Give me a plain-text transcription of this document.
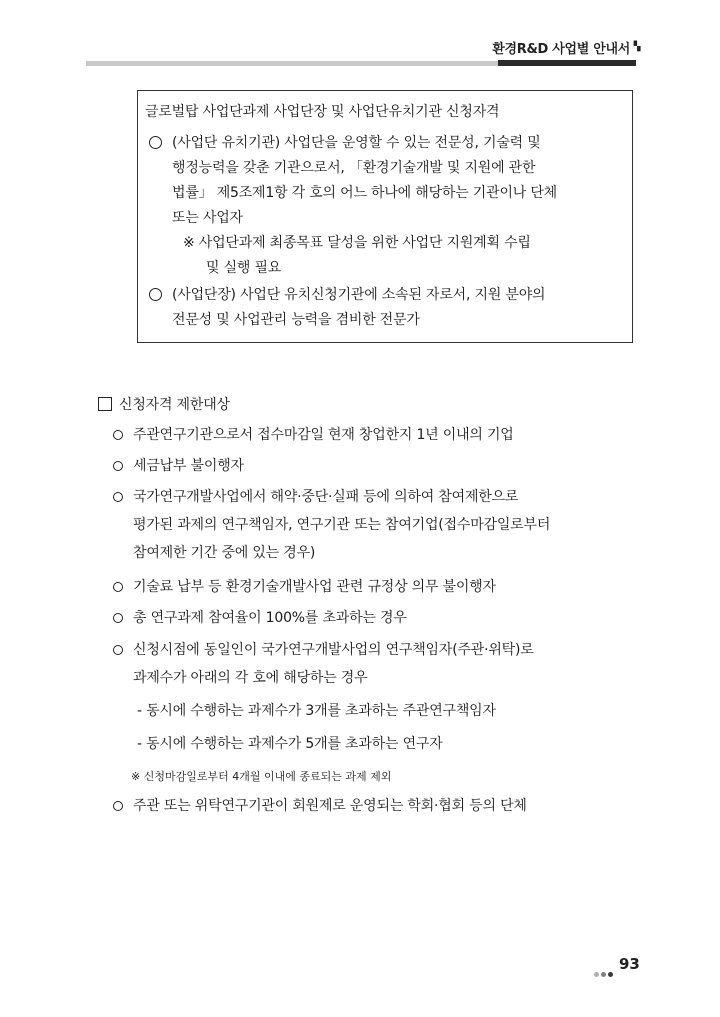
환경R&D 사업별 안내서 ▝▖
글로벌탑 사업단과제 사업단장 및 사업단유치기관 신청자격
(사업단 유치기관) 사업단을 운영할 수 있는 전문성, 기술력 및
행정능력을 갖춘 기관으로서, 「환경기술개발 및 지원에 관한
법률」 제5조제1항 각 호의 어느 하나에 해당하는 기관이나 단체
또는 사업자
※ 사업단과제 최종목표 달성을 위한 사업단 지원계획 수립
및 실행 필요
(사업단장) 사업단 유치신청기관에 소속된 자로서, 지원 분야의
전문성 및 사업관리 능력을 겸비한 전문가
신청자격 제한대상
주관연구기관으로서 접수마감일 현재 창업한지 1년 이내의 기업
세금납부 불이행자
국가연구개발사업에서 해약·중단·실패 등에 의하여 참여제한으로
평가된 과제의 연구책임자, 연구기관 또는 참여기업(접수마감일로부터
참여제한 기간 중에 있는 경우)
기술료 납부 등 환경기술개발사업 관련 규정상 의무 불이행자
총 연구과제 참여율이 100%를 초과하는 경우
신청시점에 동일인이 국가연구개발사업의 연구책임자(주관·위탁)로
과제수가 아래의 각 호에 해당하는 경우
- 동시에 수행하는 과제수가 3개를 초과하는 주관연구책임자
- 동시에 수행하는 과제수가 5개를 초과하는 연구자
※ 신청마감일로부터 4개월 이내에 종료되는 과제 제외
주관 또는 위탁연구기관이 회원제로 운영되는 학회·협회 등의 단체
93
